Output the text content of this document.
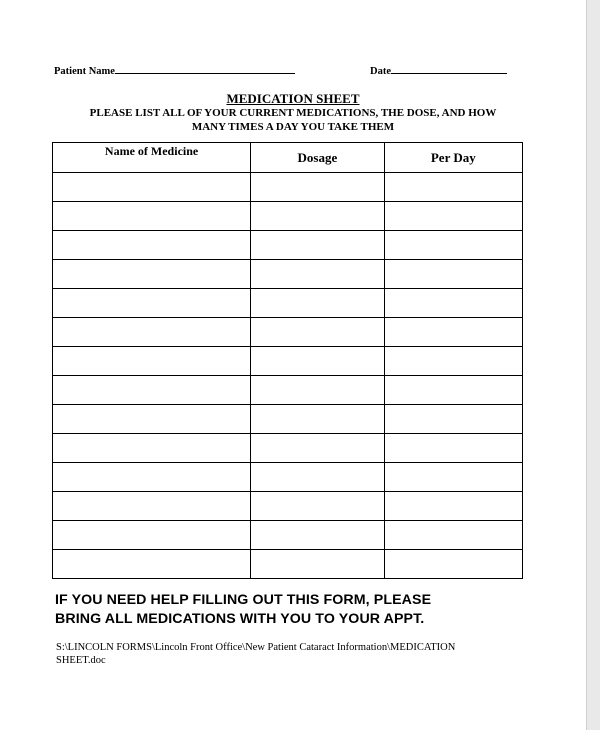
Patient Name	Date
MEDICATION SHEET
PLEASE LIST ALL OF YOUR CURRENT MEDICATIONS, THE DOSE, AND HOW
MANY TIMES A DAY YOU TAKE THEM
Name of Medicine	Dosage	Per Day

IF YOU NEED HELP FILLING OUT THIS FORM, PLEASE
BRING ALL MEDICATIONS WITH YOU TO YOUR APPT.
S:\LINCOLN FORMS\Lincoln Front Office\New Patient Cataract Information\MEDICATION
SHEET.doc
